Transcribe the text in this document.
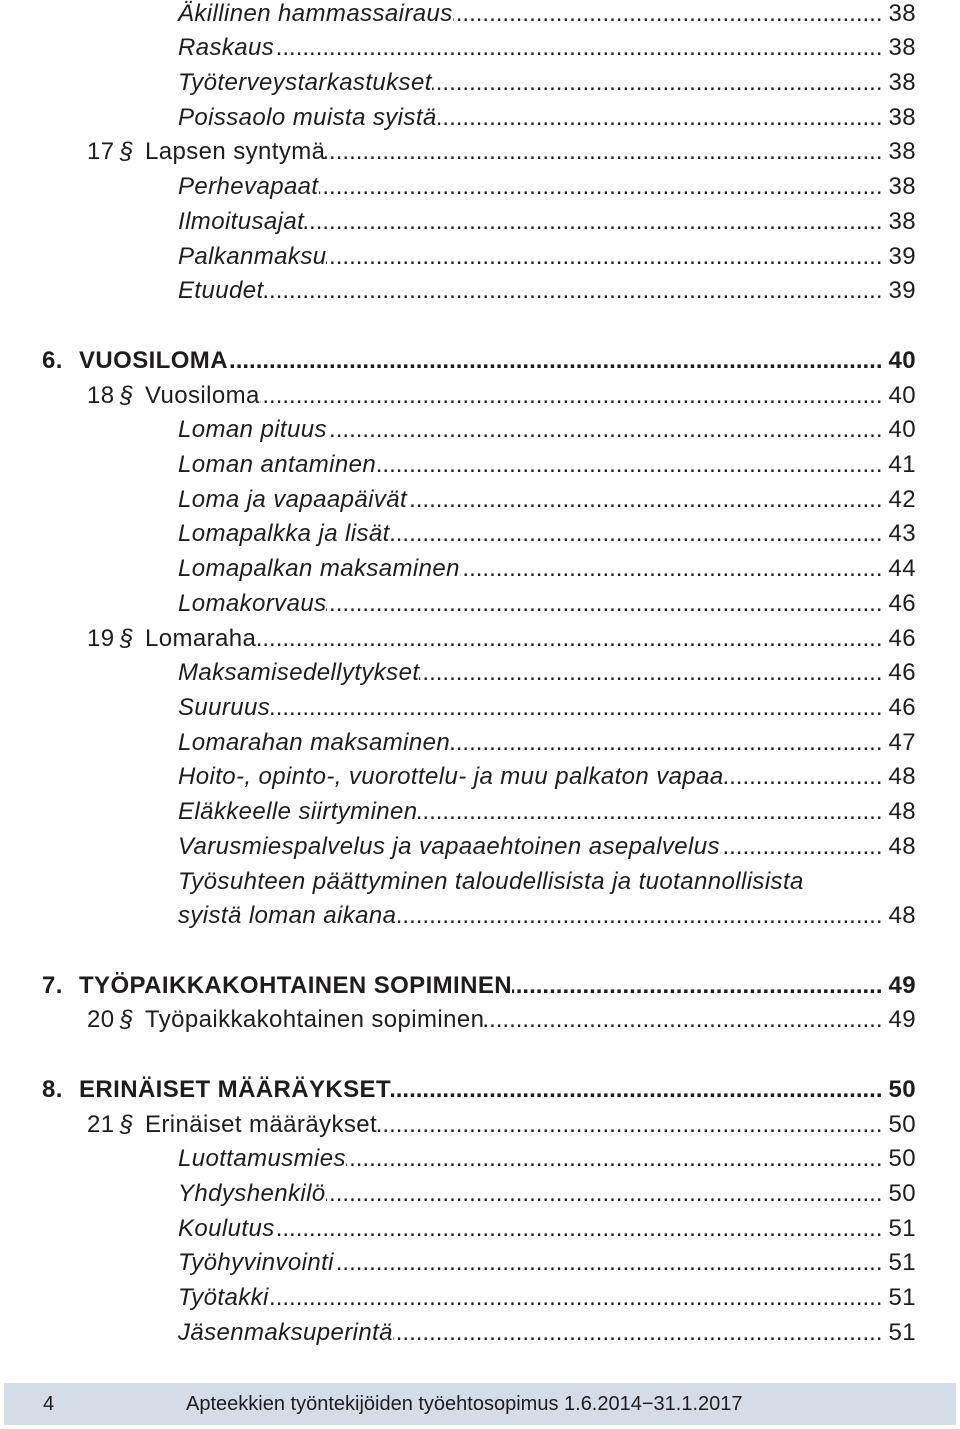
Äkillinen hammassairaus .....	38
Raskaus .....	38
Työterveystarkastukset .....	38
Poissaolo muista syistä .....	38
17 § Lapsen syntymä .....	38
Perhevapaat .....	38
Ilmoitusajat .....	38
Palkanmaksu .....	39
Etuudet .....	39
6. VUOSILOMA .....	40
18 § Vuosiloma .....	40
Loman pituus .....	40
Loman antaminen .....	41
Loma ja vapaapäivät .....	42
Lomapalkka ja lisät .....	43
Lomapalkan maksaminen .....	44
Lomakorvaus .....	46
19 § Lomaraha .....	46
Maksamisedellytykset .....	46
Suuruus .....	46
Lomarahan maksaminen .....	47
Hoito-, opinto-, vuorottelu- ja muu palkaton vapaa .....	48
Eläkkeelle siirtyminen .....	48
Varusmiespalvelus ja vapaaehtoinen asepalvelus .....	48
Työsuhteen päättyminen taloudellisista ja tuotannollisista
syistä loman aikana .....	48
7. TYÖPAIKKAKOHTAINEN SOPIMINEN .....	49
20 § Työpaikkakohtainen sopiminen .....	49
8. ERINÄISET MÄÄRÄYKSET .....	50
21 § Erinäiset määräykset .....	50
Luottamusmies .....	50
Yhdyshenkilö .....	50
Koulutus .....	51
Työhyvinvointi .....	51
Työtakki .....	51
Jäsenmaksuperintä .....	51
4	Apteekkien työntekijöiden työehtosopimus 1.6.2014−31.1.2017
